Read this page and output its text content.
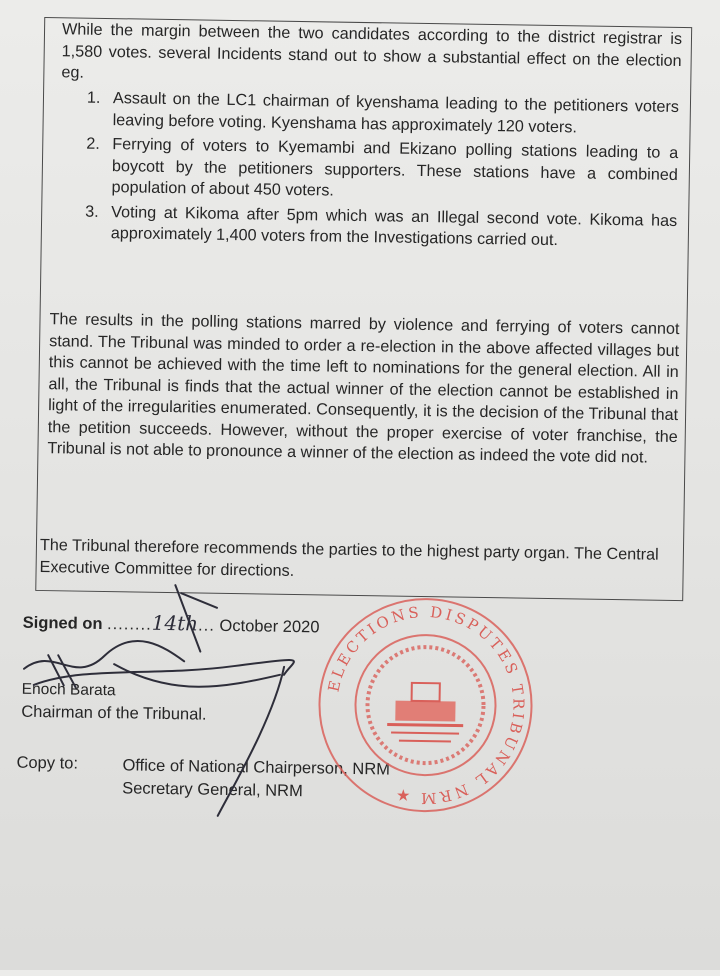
While the margin between the two candidates according to the district registrar is 1,580 votes. several Incidents stand out to show a substantial effect on the election eg.
1. Assault on the LC1 chairman of kyenshama leading to the petitioners voters leaving before voting. Kyenshama has approximately 120 voters.
2. Ferrying of voters to Kyemambi and Ekizano polling stations leading to a boycott by the petitioners supporters. These stations have a combined population of about 450 voters.
3. Voting at Kikoma after 5pm which was an Illegal second vote. Kikoma has approximately 1,400 voters from the Investigations carried out.
The results in the polling stations marred by violence and ferrying of voters cannot stand. The Tribunal was minded to order a re-election in the above affected villages but this cannot be achieved with the time left to nominations for the general election. All in all, the Tribunal is finds that the actual winner of the election cannot be established in light of the irregularities enumerated. Consequently, it is the decision of the Tribunal that the petition succeeds. However, without the proper exercise of voter franchise, the Tribunal is not able to pronounce a winner of the election as indeed the vote did not.
The Tribunal therefore recommends the parties to the highest party organ. The Central Executive Committee for directions.
Signed on ........14th... October 2020
Enoch Barata
Chairman of the Tribunal.
Copy to:	Office of National Chairperson, NRM
Secretary General, NRM
ELECTIONS DISPUTES TRIBUNAL NRM
★
